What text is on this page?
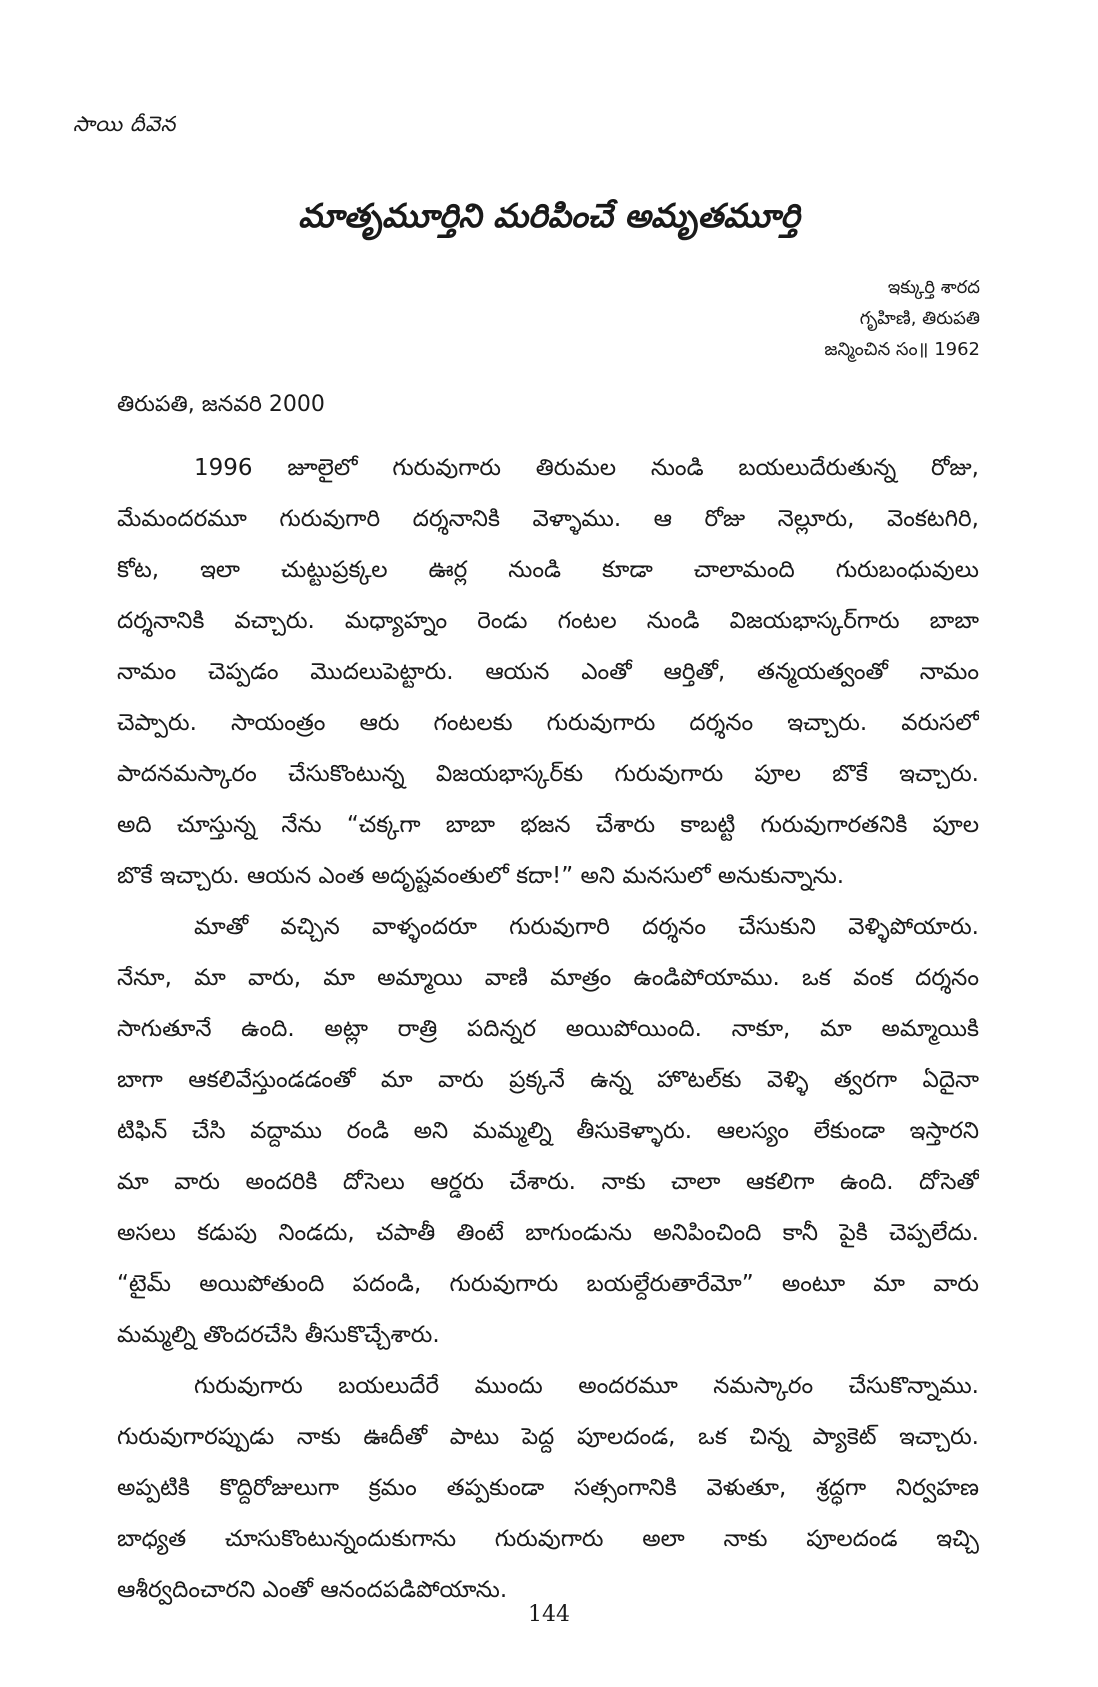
సాయి దీవెన
మాతృమూర్తిని మరిపించే అమృతమూర్తి
ఇక్కుర్తి శారద
గృహిణి, తిరుపతి
జన్మించిన సం॥ 1962
తిరుపతి, జనవరి 2000
1996 జూలైలో గురువుగారు తిరుమల నుండి బయలుదేరుతున్న రోజు,
మేమందరమూ గురువుగారి దర్శనానికి వెళ్ళాము. ఆ రోజు నెల్లూరు, వెంకటగిరి,
కోట, ఇలా చుట్టుప్రక్కల ఊర్ల నుండి కూడా చాలామంది గురుబంధువులు
దర్శనానికి వచ్చారు. మధ్యాహ్నం రెండు గంటల నుండి విజయభాస్కర్‌గారు బాబా
నామం చెప్పడం మొదలుపెట్టారు. ఆయన ఎంతో ఆర్తితో, తన్మయత్వంతో నామం
చెప్పారు. సాయంత్రం ఆరు గంటలకు గురువుగారు దర్శనం ఇచ్చారు. వరుసలో
పాదనమస్కారం చేసుకొంటున్న విజయభాస్కర్‌కు గురువుగారు పూల బొకే ఇచ్చారు.
అది చూస్తున్న నేను “చక్కగా బాబా భజన చేశారు కాబట్టి గురువుగారతనికి పూల
బొకే ఇచ్చారు. ఆయన ఎంత అదృష్టవంతులో కదా!” అని మనసులో అనుకున్నాను.
మాతో వచ్చిన వాళ్ళందరూ గురువుగారి దర్శనం చేసుకుని వెళ్ళిపోయారు.
నేనూ, మా వారు, మా అమ్మాయి వాణి మాత్రం ఉండిపోయాము. ఒక వంక దర్శనం
సాగుతూనే ఉంది. అట్లా రాత్రి పదిన్నర అయిపోయింది. నాకూ, మా అమ్మాయికి
బాగా ఆకలివేస్తుండడంతో మా వారు ప్రక్కనే ఉన్న హొటల్‌కు వెళ్ళి త్వరగా ఏదైనా
టిఫిన్ చేసి వద్దాము రండి అని మమ్మల్ని తీసుకెళ్ళారు. ఆలస్యం లేకుండా ఇస్తారని
మా వారు అందరికి దోసెలు ఆర్డరు చేశారు. నాకు చాలా ఆకలిగా ఉంది. దోసెతో
అసలు కడుపు నిండదు, చపాతీ తింటే బాగుండును అనిపించింది కానీ పైకి చెప్పలేదు.
“టైమ్ అయిపోతుంది పదండి, గురువుగారు బయల్దేరుతారేమో” అంటూ మా వారు
మమ్మల్ని తొందరచేసి తీసుకొచ్చేశారు.
గురువుగారు బయలుదేరే ముందు అందరమూ నమస్కారం చేసుకొన్నాము.
గురువుగారప్పుడు నాకు ఊదీతో పాటు పెద్ద పూలదండ, ఒక చిన్న ప్యాకెట్ ఇచ్చారు.
అప్పటికి కొద్దిరోజులుగా క్రమం తప్పకుండా సత్సంగానికి వెళుతూ, శ్రద్ధగా నిర్వహణ
బాధ్యత చూసుకొంటున్నందుకుగాను గురువుగారు అలా నాకు పూలదండ ఇచ్చి
ఆశీర్వదించారని ఎంతో ఆనందపడిపోయాను.
144
